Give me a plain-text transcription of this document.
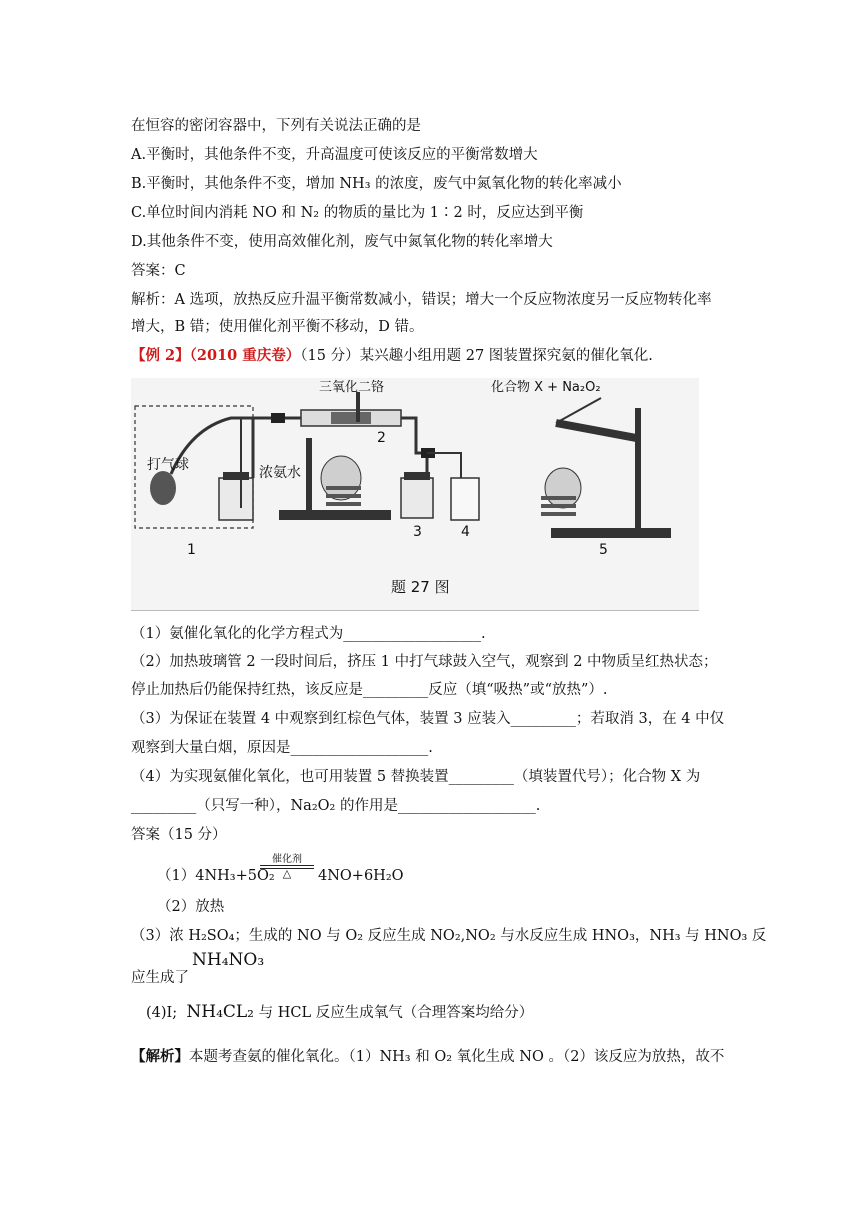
在恒容的密闭容器中，下列有关说法正确的是
A.平衡时，其他条件不变，升高温度可使该反应的平衡常数增大
B.平衡时，其他条件不变，增加 NH₃ 的浓度，废气中氮氧化物的转化率减小
C.单位时间内消耗 NO 和 N₂ 的物质的量比为 1∶2 时，反应达到平衡
D.其他条件不变，使用高效催化剂，废气中氮氧化物的转化率增大
答案：C
解析：A 选项，放热反应升温平衡常数减小，错误；增大一个反应物浓度另一反应物转化率
增大，B 错；使用催化剂平衡不移动，D 错。
【例 2】（2010 重庆卷）（15 分）某兴趣小组用题 27 图装置探究氨的催化氧化.
三氧化二铬
打气球	浓氨水
化合物 X + Na₂O₂
1
2
3	4
5
题 27 图
（1）氨催化氧化的化学方程式为___________________.
（2）加热玻璃管 2 一段时间后，挤压 1 中打气球鼓入空气，观察到 2 中物质呈红热状态；
停止加热后仍能保持红热，该反应是_________反应（填“吸热”或“放热”）.
（3）为保证在装置 4 中观察到红棕色气体，装置 3 应装入_________；若取消 3，在 4 中仅
观察到大量白烟，原因是___________________.
（4）为实现氨催化氧化，也可用装置 5 替换装置_________（填装置代号）；化合物 X 为
_________（只写一种），Na₂O₂ 的作用是___________________.
答案（15 分）
（1）4NH₃+5O₂
催化剂
△	4NO+6H₂O
（2）放热
（3）浓 H₂SO₄；生成的 NO 与 O₂ 反应生成 NO₂,NO₂ 与水反应生成 HNO₃，NH₃ 与 HNO₃ 反
NH₄NO₃
应生成了
(4)I; NH₄CL₂ 与 HCL 反应生成氧气（合理答案均给分）
【解析】本题考查氨的催化氧化。（1）NH₃ 和 O₂ 氧化生成 NO 。（2）该反应为放热，故不
